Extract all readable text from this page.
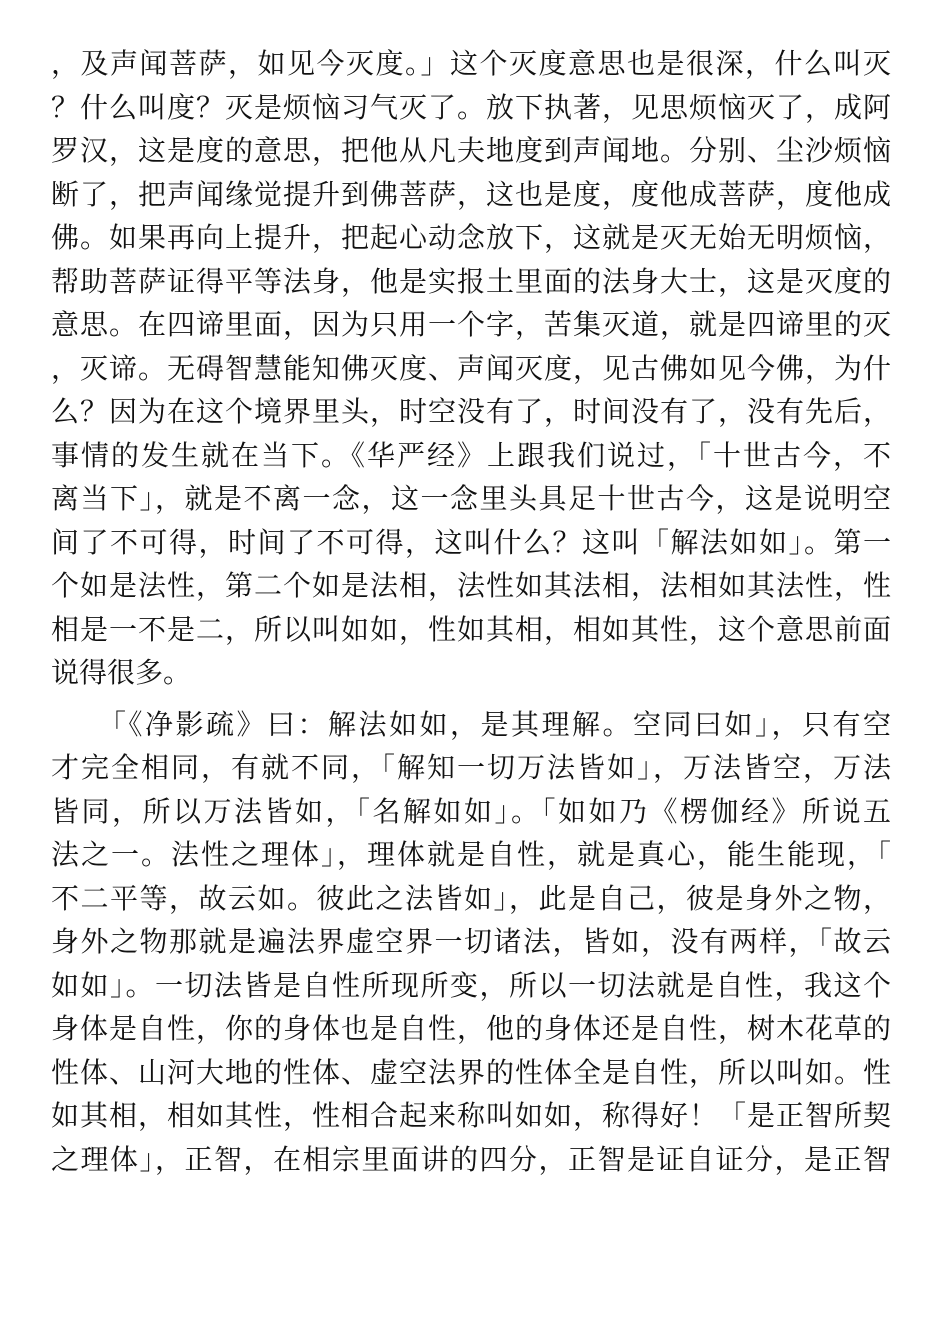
，及声闻菩萨，如见今灭度。」这个灭度意思也是很深，什么叫灭
？什么叫度？灭是烦恼习气灭了。放下执著，见思烦恼灭了，成阿
罗汉，这是度的意思，把他从凡夫地度到声闻地。分别、尘沙烦恼
断了，把声闻缘觉提升到佛菩萨，这也是度，度他成菩萨，度他成
佛。如果再向上提升，把起心动念放下，这就是灭无始无明烦恼，
帮助菩萨证得平等法身，他是实报土里面的法身大士，这是灭度的
意思。在四谛里面，因为只用一个字，苦集灭道，就是四谛里的灭
，灭谛。无碍智慧能知佛灭度、声闻灭度，见古佛如见今佛，为什
么？因为在这个境界里头，时空没有了，时间没有了，没有先后，
事情的发生就在当下。《华严经》上跟我们说过，「十世古今，不
离当下」，就是不离一念，这一念里头具足十世古今，这是说明空
间了不可得，时间了不可得，这叫什么？这叫「解法如如」。第一
个如是法性，第二个如是法相，法性如其法相，法相如其法性，性
相是一不是二，所以叫如如，性如其相，相如其性，这个意思前面
说得很多。
　　「《净影疏》曰：解法如如，是其理解。空同曰如」，只有空
才完全相同，有就不同，「解知一切万法皆如」，万法皆空，万法
皆同，所以万法皆如，「名解如如」。「如如乃《楞伽经》所说五
法之一。法性之理体」，理体就是自性，就是真心，能生能现，「
不二平等，故云如。彼此之法皆如」，此是自己，彼是身外之物，
身外之物那就是遍法界虚空界一切诸法，皆如，没有两样，「故云
如如」。一切法皆是自性所现所变，所以一切法就是自性，我这个
身体是自性，你的身体也是自性，他的身体还是自性，树木花草的
性体、山河大地的性体、虚空法界的性体全是自性，所以叫如。性
如其相，相如其性，性相合起来称叫如如，称得好！「是正智所契
之理体」，正智，在相宗里面讲的四分，正智是证自证分，是正智
